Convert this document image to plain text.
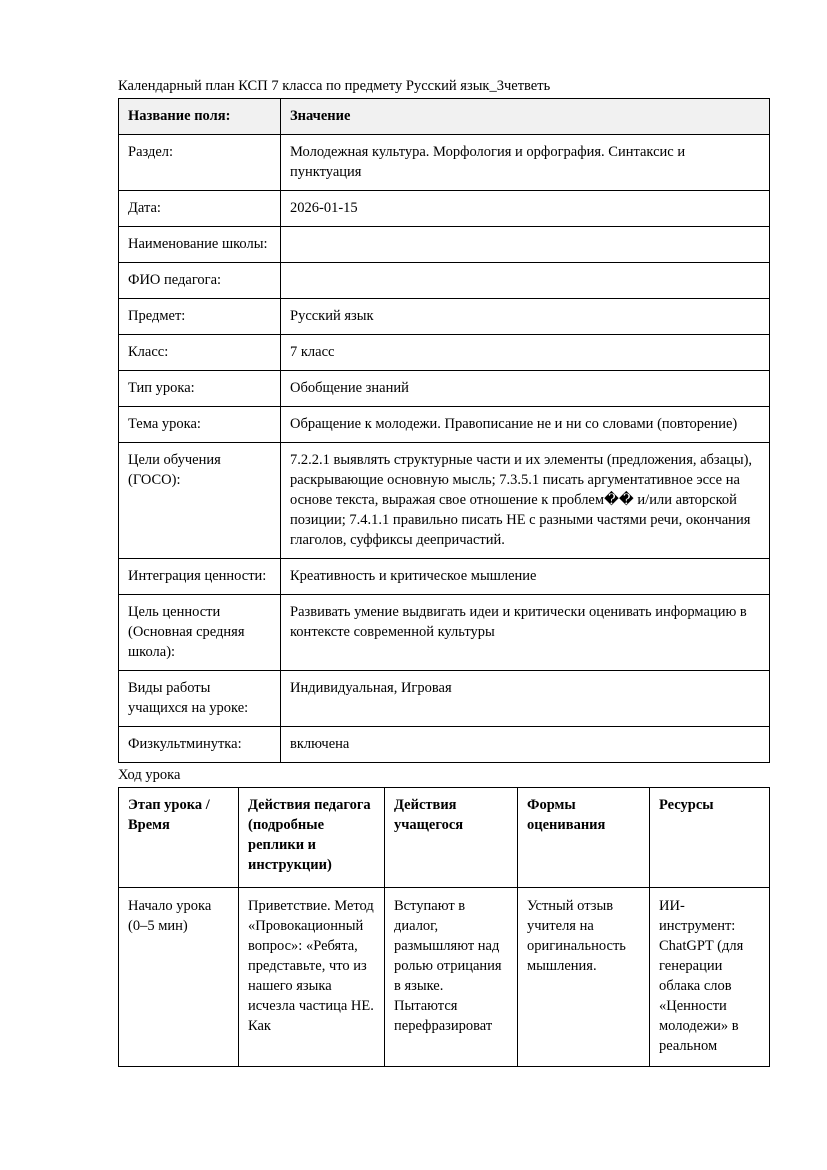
Календарный план КСП 7 класса по предмету Русский язык_3четветь
Название поля:	Значение
Раздел:	Молодежная культура. Морфология и орфография. Синтаксис и пунктуация
Дата:	2026-01-15
Наименование школы:	
ФИО педагога:	
Предмет:	Русский язык
Класс:	7 класс
Тип урока:	Обобщение знаний
Тема урока:	Обращение к молодежи. Правописание не и ни со словами (повторение)
Цели обучения (ГОСО):	7.2.2.1 выявлять структурные части и их элементы (предложения, абзацы), раскрывающие основную мысль; 7.3.5.1 писать аргументативное эссе на основе текста, выражая свое отношение к проблем�� и/или авторской позиции; 7.4.1.1 правильно писать НЕ с разными частями речи, окончания глаголов, суффиксы деепричастий.
Интеграция ценности:	Креативность и критическое мышление
Цель ценности (Основная средняя школа):	Развивать умение выдвигать идеи и критически оценивать информацию в контексте современной культуры
Виды работы учащихся на уроке:	Индивидуальная, Игровая
Физкультминутка:	включена
Ход урока
Этап урока / Время	Действия педагога (подробные реплики и инструкции)	Действия учащегося	Формы оценивания	Ресурсы
Начало урока (0–5 мин)	Приветствие. Метод «Провокационный вопрос»: «Ребята, представьте, что из нашего языка исчезла частица НЕ. Как	Вступают в диалог, размышляют над ролью отрицания в языке. Пытаются перефразироват	Устный отзыв учителя на оригинальность мышления.	ИИ-инструмент: ChatGPT (для генерации облака слов «Ценности молодежи» в реальном
